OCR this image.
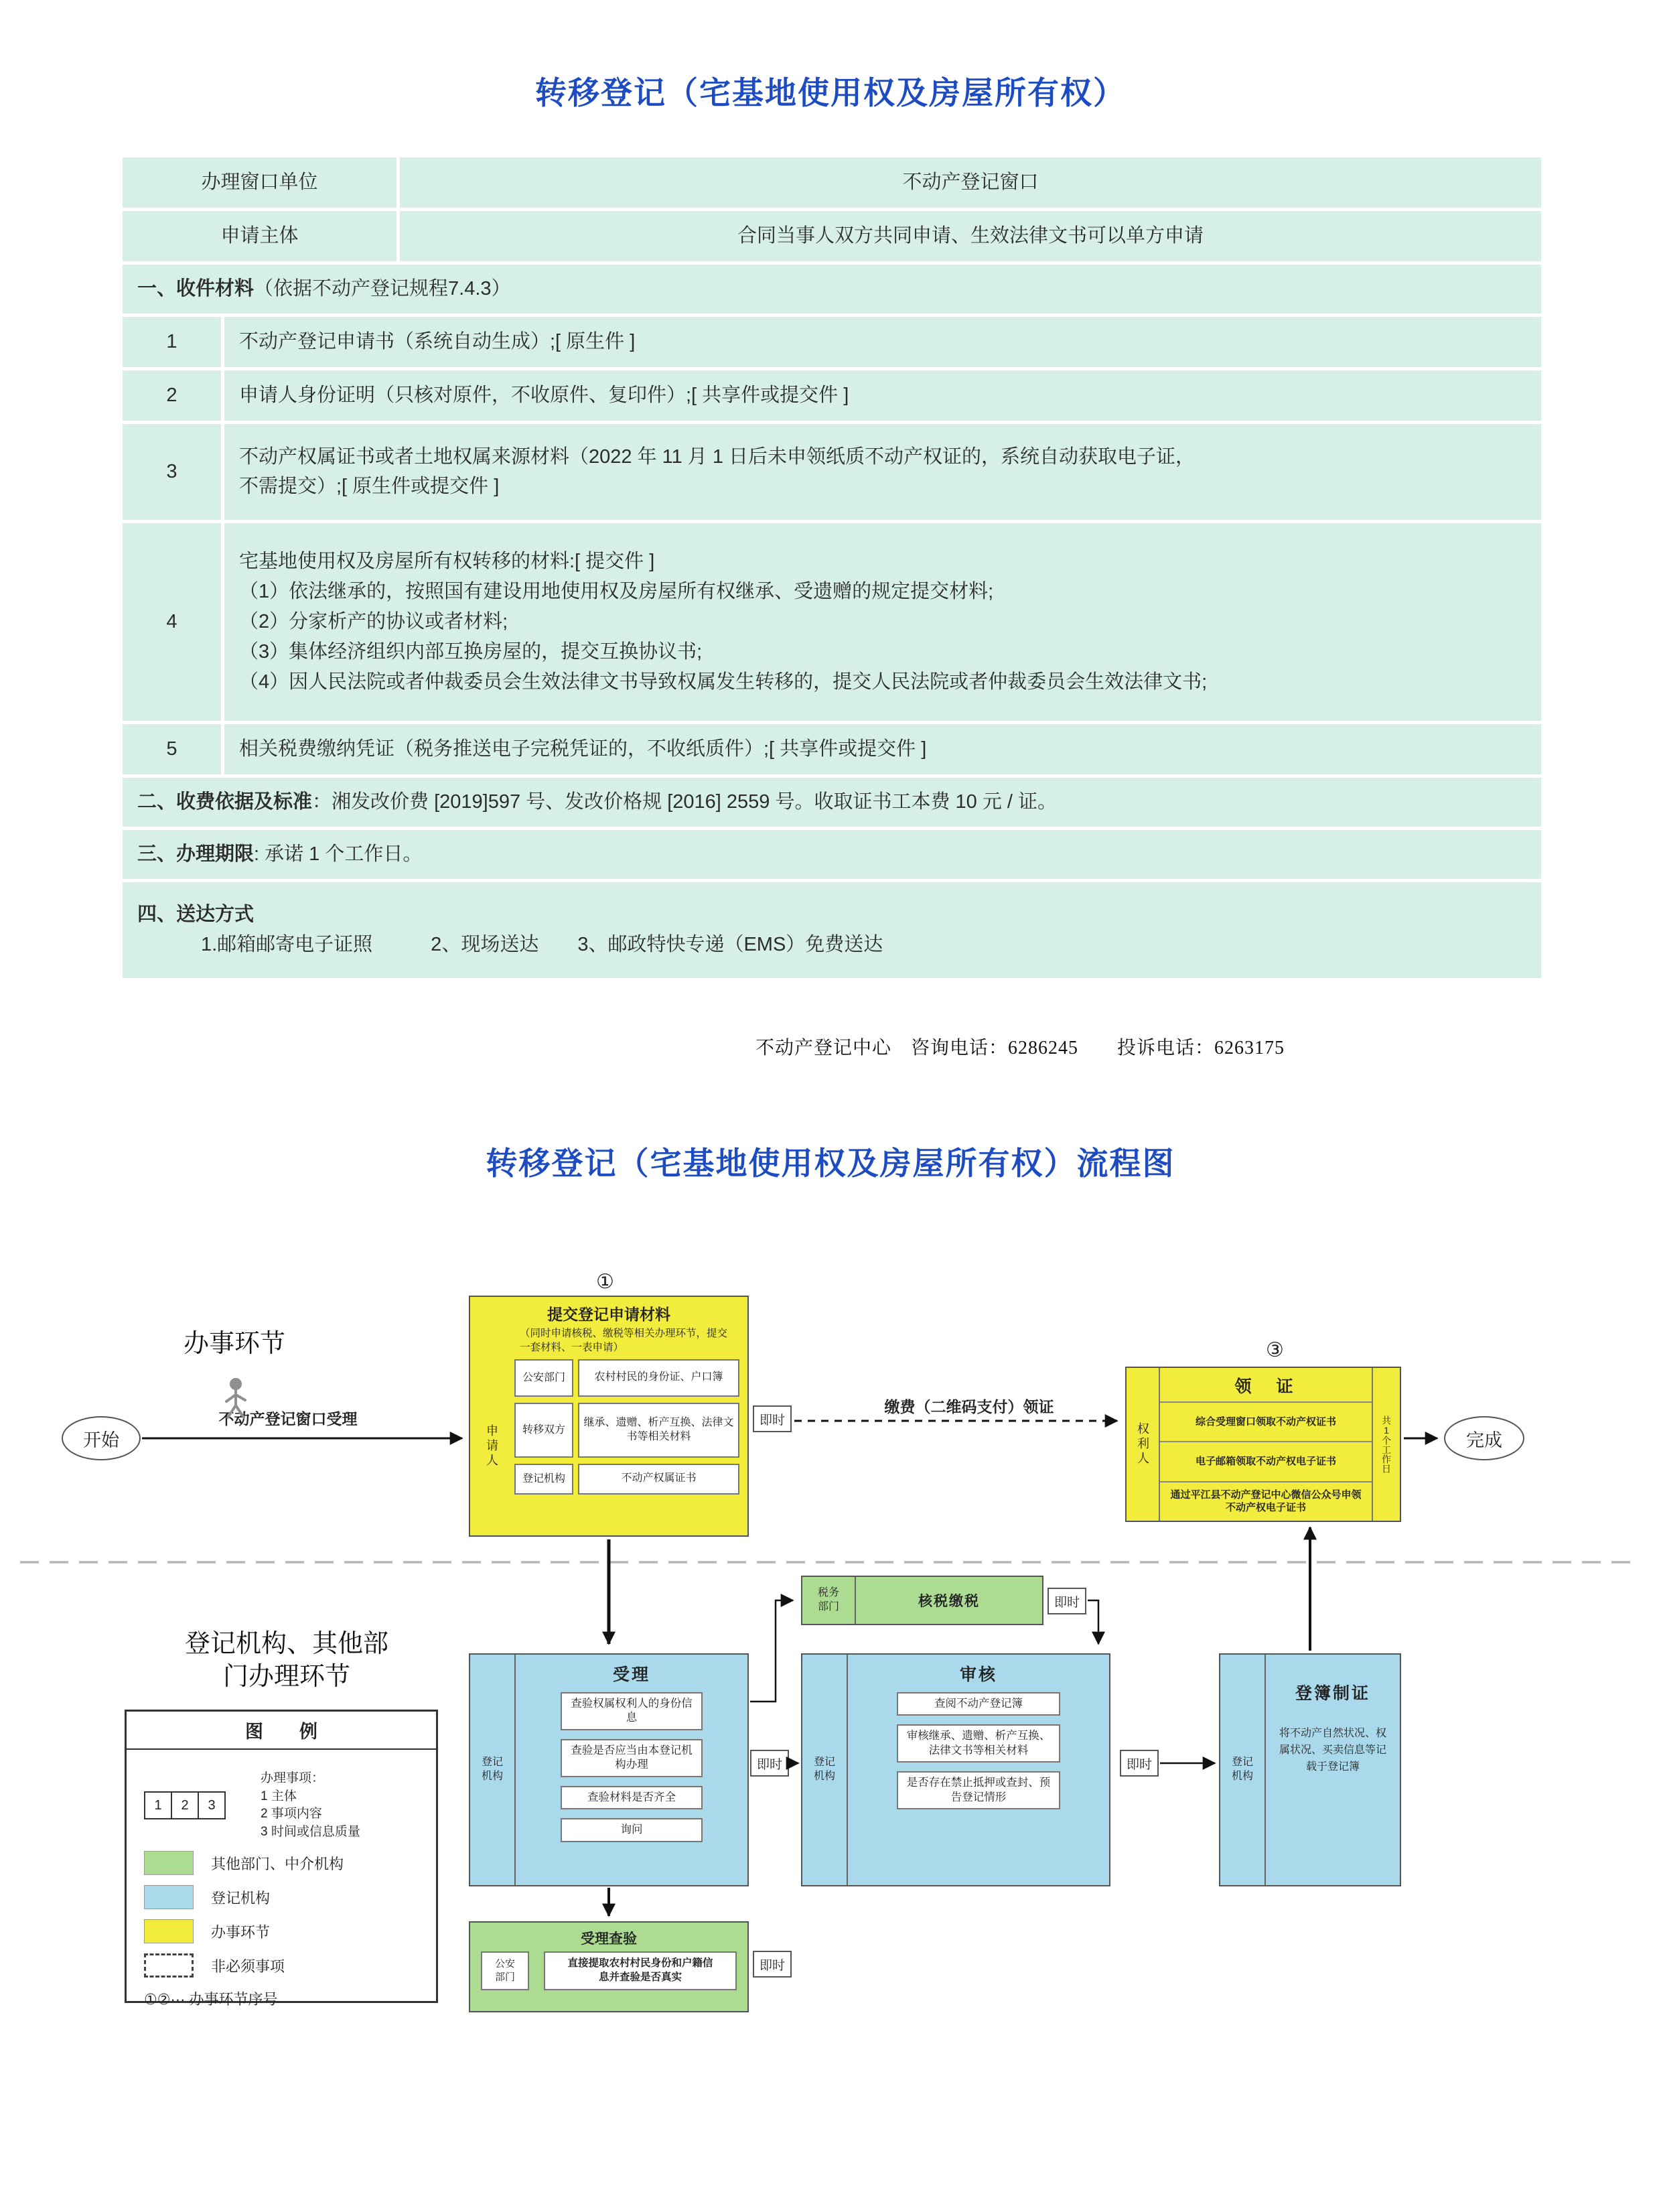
转移登记（宅基地使用权及房屋所有权）
办理窗口单位		不动产登记窗口
申请主体		合同当事人双方共同申请、生效法律文书可以单方申请
一、收件材料（依据不动产登记规程7.4.3）		
1	不动产登记申请书（系统自动生成）;[ 原生件 ]	
2	申请人身份证明（只核对原件，不收原件、复印件）;[ 共享件或提交件 ]	
3	不动产权属证书或者土地权属来源材料（2022 年 11 月 1 日后未申领纸质不动产权证的，系统自动获取电子证，
不需提交）;[ 原生件或提交件 ]	

4	宅基地使用权及房屋所有权转移的材料:[ 提交件 ]
（1）依法继承的，按照国有建设用地使用权及房屋所有权继承、受遗赠的规定提交材料;
（2）分家析产的协议或者材料;
（3）集体经济组织内部互换房屋的，提交互换协议书;
（4）因人民法院或者仲裁委员会生效法律文书导致权属发生转移的，提交人民法院或者仲裁委员会生效法律文书;	

5	相关税费缴纳凭证（税务推送电子完税凭证的，不收纸质件）;[ 共享件或提交件 ]	
二、收费依据及标准：湘发改价费 [2019]597 号、发改价格规 [2016] 2559 号。收取证书工本费 10 元 / 证。		
三、办理期限: 承诺 1 个工作日。		

四、送达方式
1.邮箱邮寄电子证照　　　2、现场送达　　3、邮政特快专递（EMS）免费送达		
不动产登记中心　咨询电话：6286245　　投诉电话：6263175
转移登记（宅基地使用权及房屋所有权）流程图
办事环节
登记机构、其他部门办理环节
开始
不动产登记窗口受理
①
提交登记申请材料
（同时申请核税、缴税等相关办理环节，提交一套材料、一表申请）
申请人
公安部门	农村村民的身份证、户口簿
转移双方
继承、遗赠、析产互换、法律文书等相关材料
登记机构	不动产权属证书
即时
缴费（二维码支付）领证
③
权利人
领　证
综合受理窗口领取不动产权证书
电子邮箱领取不动产权电子证书
通过平江县不动产登记中心微信公众号申领不动产权电子证书
共1个工作日	完成
税务部门	核税缴税	即时
登记机构
受理
查验权属权利人的身份信息
查验是否应当由本登记机构办理
查验材料是否齐全
询问
即时	登记机构
审核
查阅不动产登记簿
审核继承、遗赠、析产互换、法律文书等相关材料
是否存在禁止抵押或查封、预告登记情形
即时	登记机构
登簿制证
将不动产自然状况、权属状况、买卖信息等记载于登记簿
受理查验
公安部门
直接提取农村村民身份和户籍信息并查验是否真实
即时
图　　例
1	2	3
办理事项：
1 主体
2 事项内容
3 时间或信息质量
其他部门、中介机构
登记机构
办事环节
非必须事项
①②··· 办事环节序号
